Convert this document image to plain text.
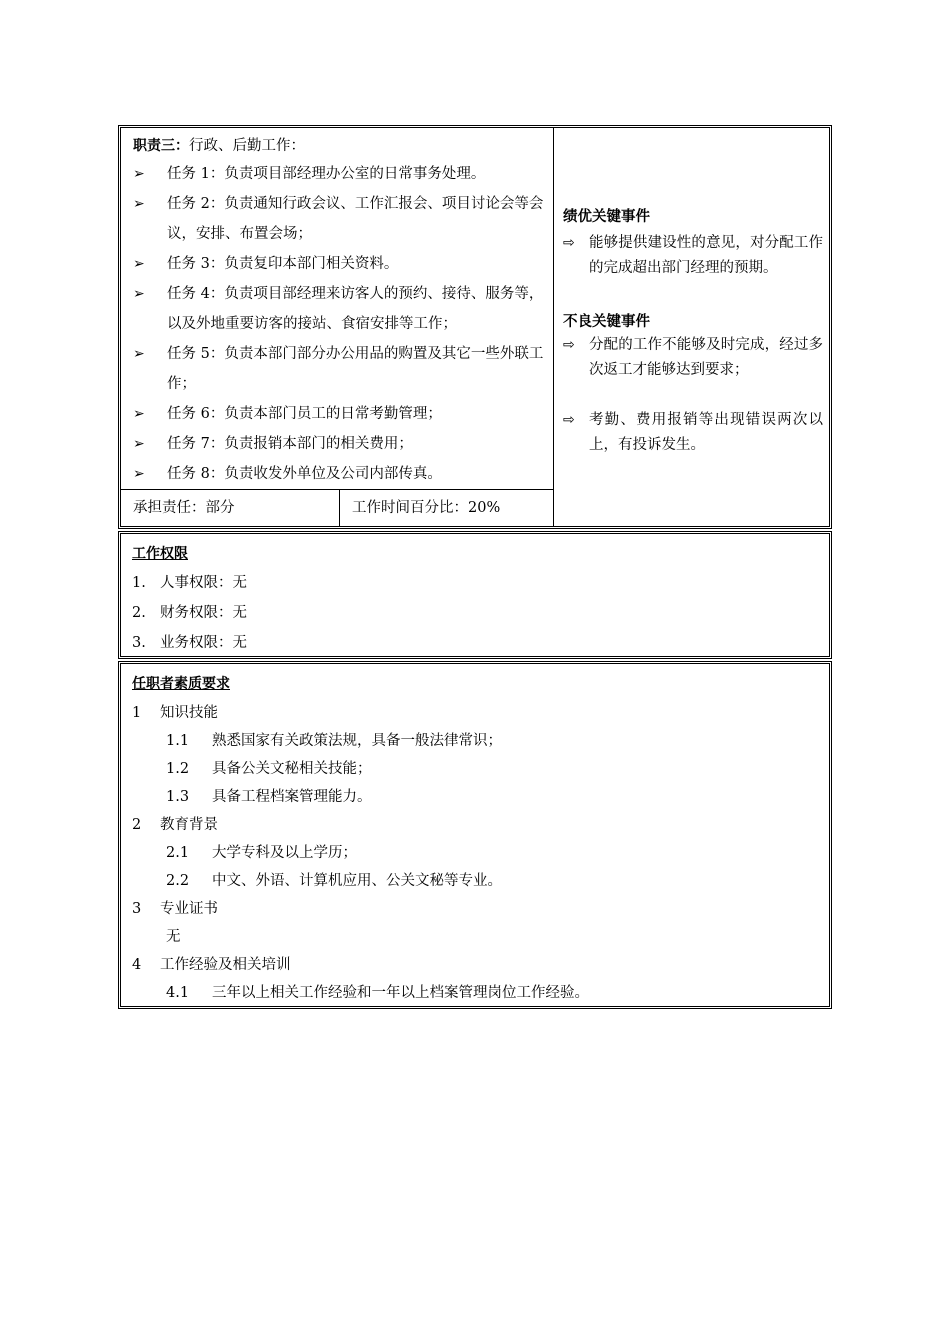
职责三：行政、后勤工作：
➢	任务 1：负责项目部经理办公室的日常事务处理。
➢	任务 2：负责通知行政会议、工作汇报会、项目讨论会等会议，安排、布置会场；
➢	任务 3：负责复印本部门相关资料。
➢	任务 4：负责项目部经理来访客人的预约、接待、服务等，以及外地重要访客的接站、食宿安排等工作；
➢	任务 5：负责本部门部分办公用品的购置及其它一些外联工作；
➢	任务 6：负责本部门员工的日常考勤管理；
➢	任务 7：负责报销本部门的相关费用；
➢	任务 8：负责收发外单位及公司内部传真。
承担责任：部分	工作时间百分比：20%
绩优关键事件
⇨ 能够提供建设性的意见，对分配工作的完成超出部门经理的预期。
不良关键事件
⇨ 分配的工作不能够及时完成，经过多次返工才能够达到要求；
⇨ 考勤、费用报销等出现错误两次以上，有投诉发生。
工作权限
1. 人事权限：无
2. 财务权限：无
3. 业务权限：无
任职者素质要求
1 知识技能
1.1 熟悉国家有关政策法规，具备一般法律常识；
1.2 具备公关文秘相关技能；
1.3 具备工程档案管理能力。
2 教育背景
2.1 大学专科及以上学历；
2.2 中文、外语、计算机应用、公关文秘等专业。
3 专业证书
无
4 工作经验及相关培训
4.1 三年以上相关工作经验和一年以上档案管理岗位工作经验。
